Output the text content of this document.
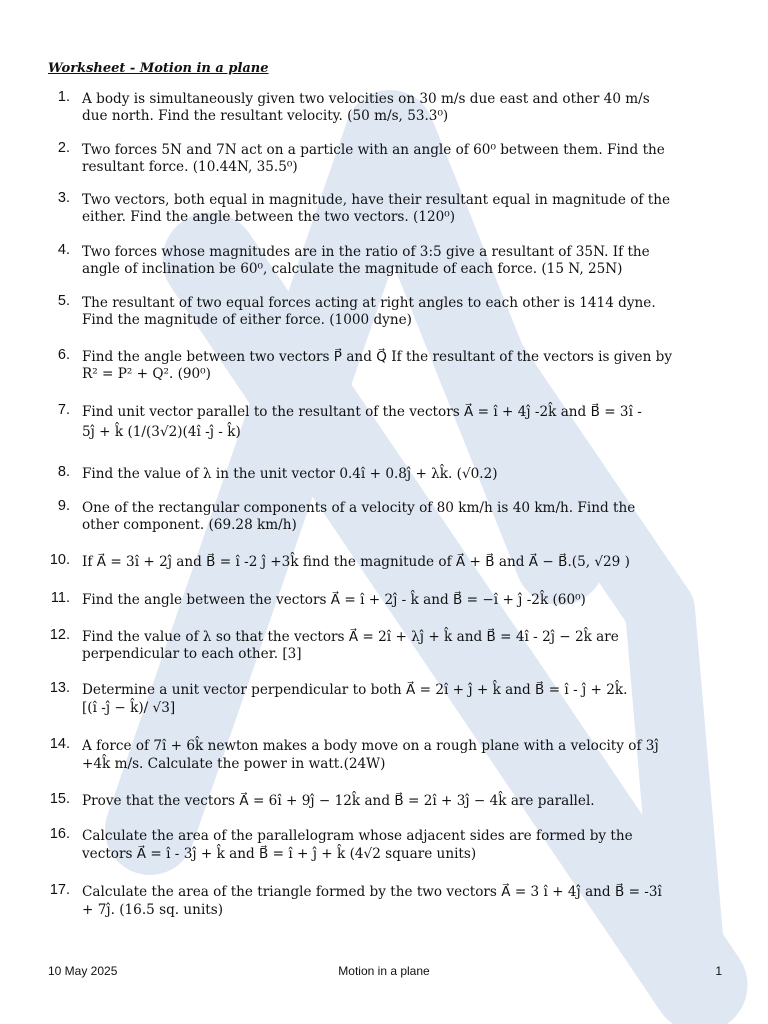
Worksheet - Motion in a plane
1. A body is simultaneously given two velocities on 30 m/s due east and other 40 m/s
due north. Find the resultant velocity. (50 m/s, 53.3⁰)
2. Two forces 5N and 7N act on a particle with an angle of 60⁰ between them. Find the
resultant force. (10.44N, 35.5⁰)
3. Two vectors, both equal in magnitude, have their resultant equal in magnitude of the
either. Find the angle between the two vectors. (120⁰)
4. Two forces whose magnitudes are in the ratio of 3:5 give a resultant of 35N. If the
angle of inclination be 60⁰, calculate the magnitude of each force. (15 N, 25N)
5. The resultant of two equal forces acting at right angles to each other is 1414 dyne.
Find the magnitude of either force. (1000 dyne)
6. Find the angle between two vectors P⃗ and Q⃗ If the resultant of the vectors is given by
R² = P² + Q². (90⁰)
7. Find unit vector parallel to the resultant of the vectors A⃗ = î + 4ĵ -2k̂ and B⃗ = 3î -
5ĵ + k̂ (1/(3√2)(4î -ĵ - k̂)
8. Find the value of λ in the unit vector 0.4î + 0.8ĵ + λk̂. (√0.2)
9. One of the rectangular components of a velocity of 80 km/h is 40 km/h. Find the
other component. (69.28 km/h)
10. If A⃗ = 3î + 2ĵ and B⃗ = î -2 ĵ +3k̂ find the magnitude of A⃗ + B⃗ and A⃗ − B⃗.(5, √29 )
11. Find the angle between the vectors A⃗ = î + 2ĵ - k̂ and B⃗ = −î + ĵ -2k̂ (60⁰)
12. Find the value of λ so that the vectors A⃗ = 2î + λĵ + k̂ and B⃗ = 4î - 2ĵ − 2k̂ are
perpendicular to each other. [3]
13. Determine a unit vector perpendicular to both A⃗ = 2î + ĵ + k̂ and B⃗ = î - ĵ + 2k̂.
[(î -ĵ − k̂)/ √3]
14. A force of 7î + 6k̂ newton makes a body move on a rough plane with a velocity of 3ĵ
+4k̂ m/s. Calculate the power in watt.(24W)
15. Prove that the vectors A⃗ = 6î + 9ĵ − 12k̂ and B⃗ = 2î + 3ĵ − 4k̂ are parallel.
16. Calculate the area of the parallelogram whose adjacent sides are formed by the
vectors A⃗ = î - 3ĵ + k̂ and B⃗ = î + ĵ + k̂ (4√2 square units)
17. Calculate the area of the triangle formed by the two vectors A⃗ = 3 î + 4ĵ and B⃗ = -3î
+ 7ĵ. (16.5 sq. units)
10 May 2025	Motion in a plane	1
